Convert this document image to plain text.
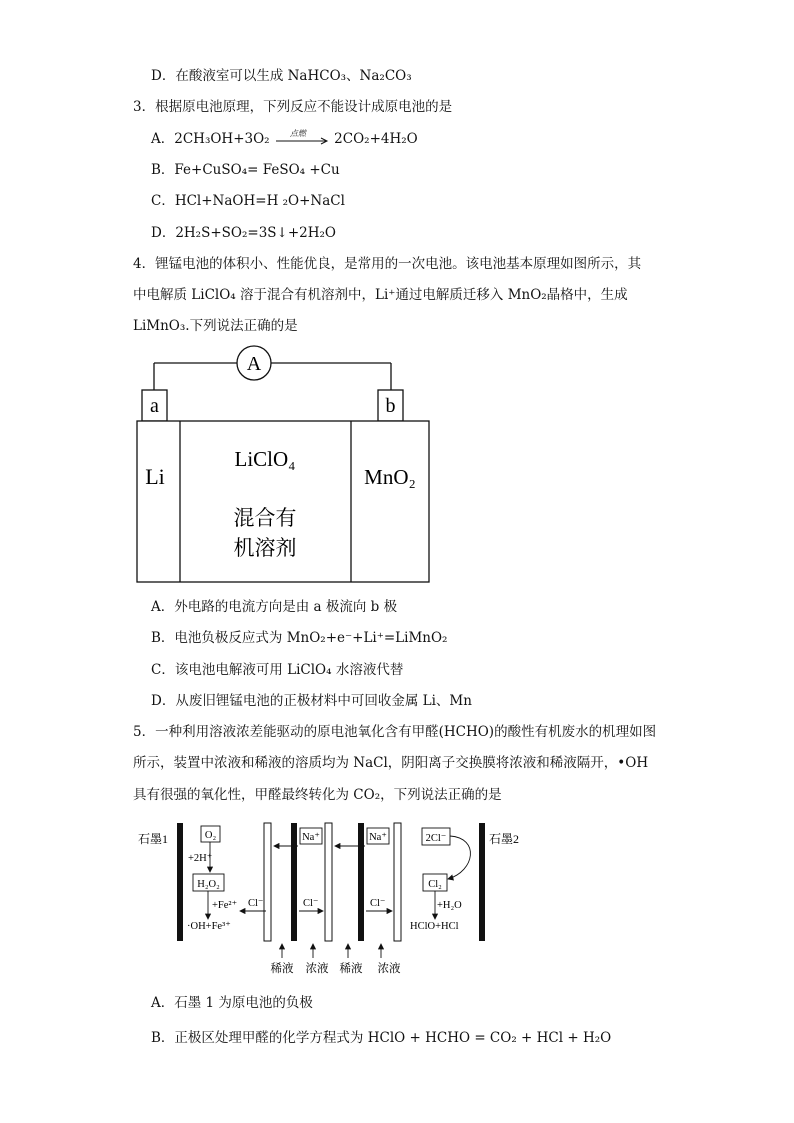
D．在酸液室可以生成 NaHCO₃、Na₂CO₃
3．根据原电池原理，下列反应不能设计成原电池的是
A．2CH₃OH+3O₂	点燃 2CO₂+4H₂O
B．Fe+CuSO₄= FeSO₄ +Cu
C．HCl+NaOH=H ₂O+NaCl
D．2H₂S+SO₂=3S↓+2H₂O
4．锂锰电池的体积小、性能优良，是常用的一次电池。该电池基本原理如图所示，其
中电解质 LiClO₄ 溶于混合有机溶剂中，Li⁺通过电解质迁移入 MnO₂晶格中，生成
LiMnO₃.下列说法正确的是
A
a	b
Li	MnO₂
LiClO₄
混合有
机溶剂
A．外电路的电流方向是由 a 极流向 b 极
B．电池负极反应式为 MnO₂+e⁻+Li⁺=LiMnO₂
C．该电池电解液可用 LiClO₄ 水溶液代替
D．从废旧锂锰电池的正极材料中可回收金属 Li、Mn
5．一种利用溶液浓差能驱动的原电池氧化含有甲醛(HCHO)的酸性有机废水的机理如图
所示，装置中浓液和稀液的溶质均为 NaCl，阴阳离子交换膜将浓液和稀液隔开，•OH
具有很强的氧化性，甲醛最终转化为 CO₂，下列说法正确的是
石墨1	石墨2
O₂
+2H⁺
H₂O₂
+Fe²⁺
·OH+Fe³⁺
Na⁺	Na⁺
Cl⁻	Cl⁻	Cl⁻
2Cl⁻
Cl₂
+H₂O
HClO+HCl
稀液 浓液 稀液 浓液
A．石墨 1 为原电池的负极
B．正极区处理甲醛的化学方程式为 HClO + HCHO = CO₂ + HCl + H₂O
